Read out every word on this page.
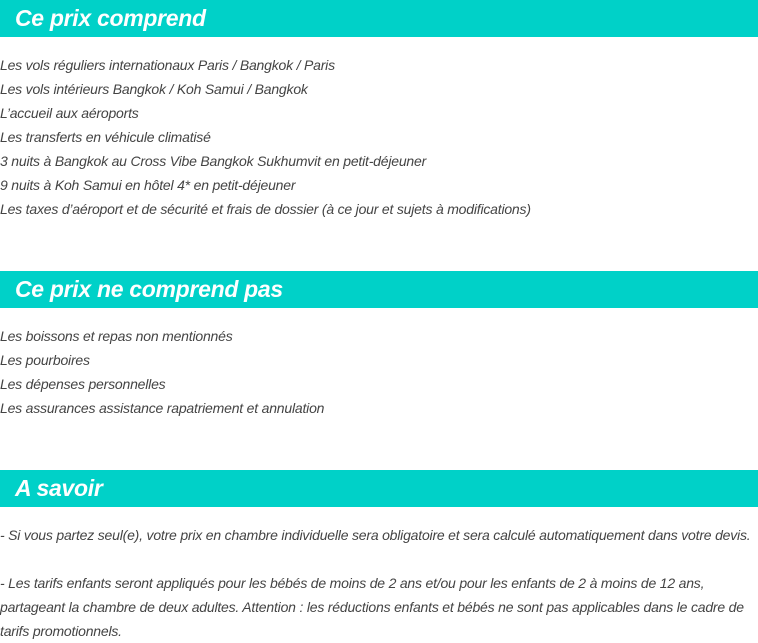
Ce prix comprend
Les vols réguliers internationaux Paris / Bangkok / Paris
Les vols intérieurs Bangkok / Koh Samui / Bangkok
L’accueil aux aéroports
Les transferts en véhicule climatisé
3 nuits à Bangkok au Cross Vibe Bangkok Sukhumvit en petit-déjeuner
9 nuits à Koh Samui en hôtel 4* en petit-déjeuner
Les taxes d’aéroport et de sécurité et frais de dossier (à ce jour et sujets à modifications)
Ce prix ne comprend pas
Les boissons et repas non mentionnés
Les pourboires
Les dépenses personnelles
Les assurances assistance rapatriement et annulation
A savoir

- Si vous partez seul(e), votre prix en chambre individuelle sera obligatoire et sera calculé automatiquement dans votre devis.

- Les tarifs enfants seront appliqués pour les bébés de moins de 2 ans et/ou pour les enfants de 2 à moins de 12 ans, partageant la chambre de deux adultes. Attention : les réductions enfants et bébés ne sont pas applicables dans le cadre de tarifs promotionnels.
